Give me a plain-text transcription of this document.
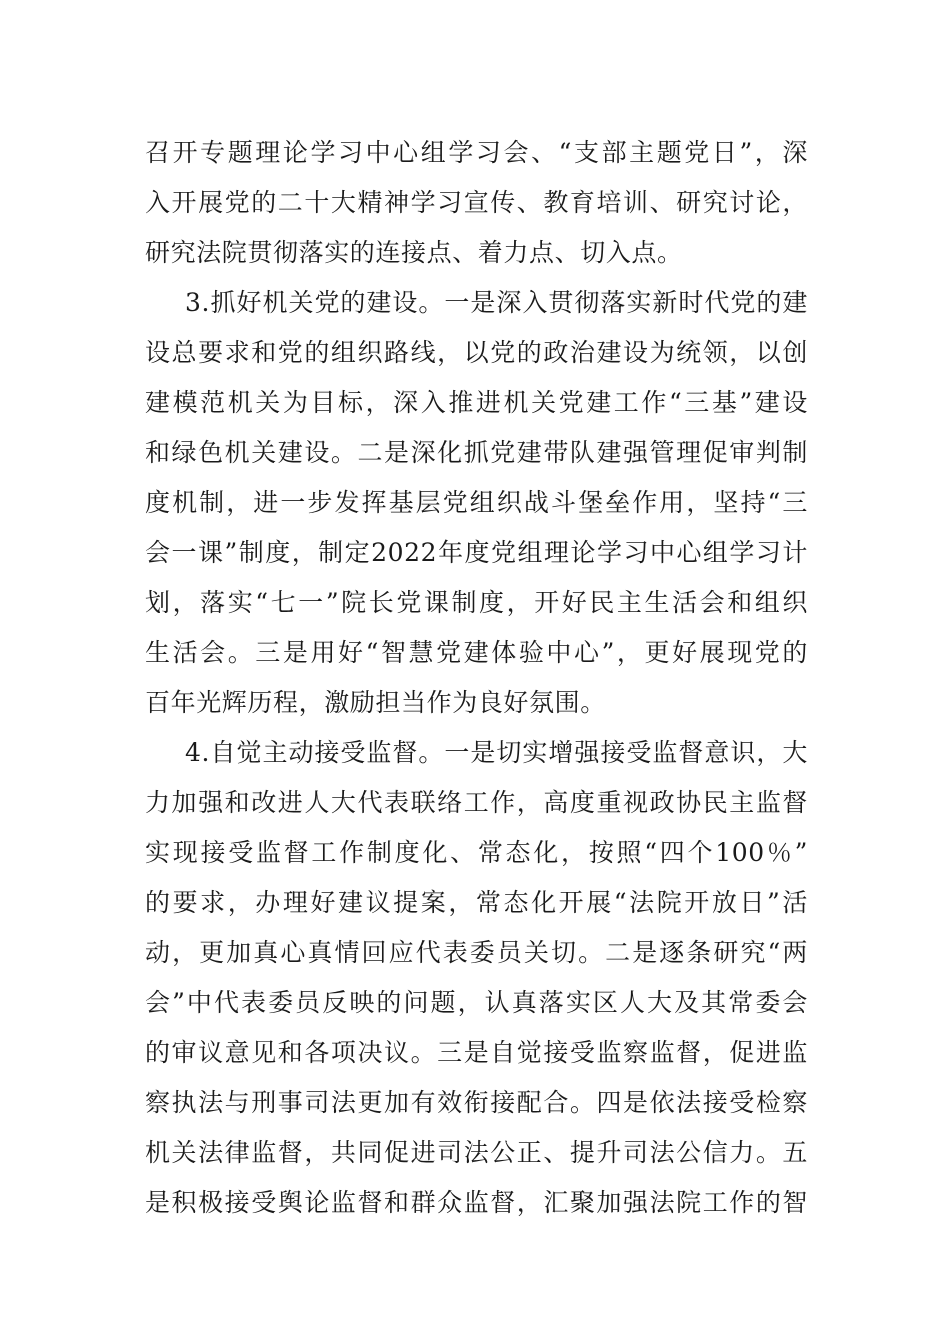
召开专题理论学习中心组学习会、“支部主题党日”，深
入开展党的二十大精神学习宣传、教育培训、研究讨论，
研究法院贯彻落实的连接点、着力点、切入点。
3.抓好机关党的建设。一是深入贯彻落实新时代党的建
设总要求和党的组织路线，以党的政治建设为统领，以创
建模范机关为目标，深入推进机关党建工作“三基”建设
和绿色机关建设。二是深化抓党建带队建强管理促审判制
度机制，进一步发挥基层党组织战斗堡垒作用，坚持“三
会一课”制度，制定2022年度党组理论学习中心组学习计
划，落实“七一”院长党课制度，开好民主生活会和组织
生活会。三是用好“智慧党建体验中心”，更好展现党的
百年光辉历程，激励担当作为良好氛围。
4.自觉主动接受监督。一是切实增强接受监督意识，大
力加强和改进人大代表联络工作，高度重视政协民主监督
实现接受监督工作制度化、常态化，按照“四个100％”
的要求，办理好建议提案，常态化开展“法院开放日”活
动，更加真心真情回应代表委员关切。二是逐条研究“两
会”中代表委员反映的问题，认真落实区人大及其常委会
的审议意见和各项决议。三是自觉接受监察监督，促进监
察执法与刑事司法更加有效衔接配合。四是依法接受检察
机关法律监督，共同促进司法公正、提升司法公信力。五
是积极接受舆论监督和群众监督，汇聚加强法院工作的智
